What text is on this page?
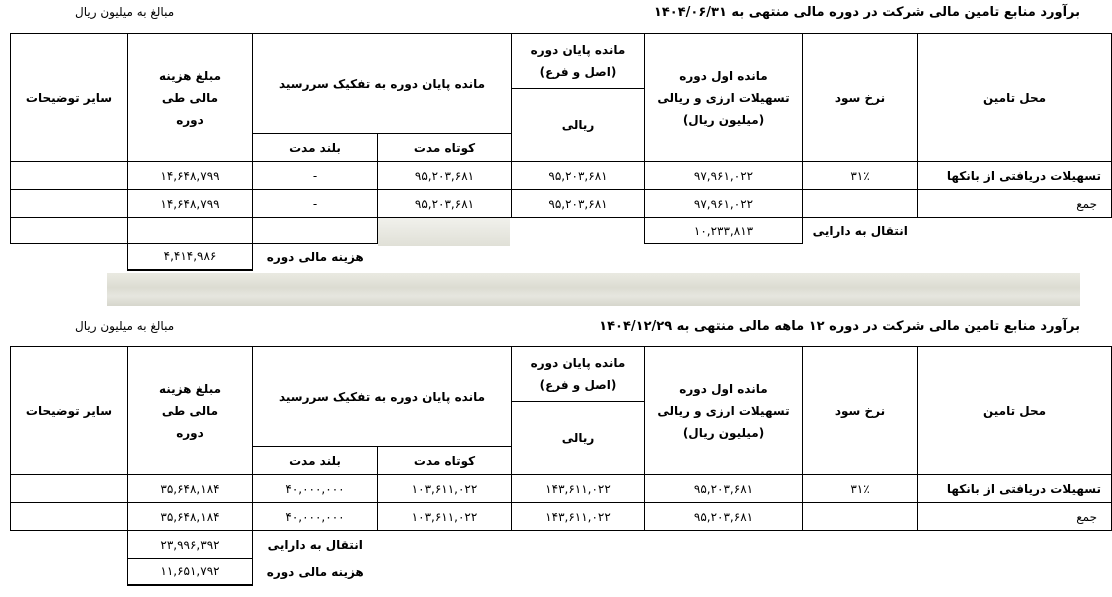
برآورد منابع تامین مالی شرکت در دوره مالی منتهی به ۱۴۰۴/۰۶/۳۱
مبالغ به میلیون ریال
محل تامین	نرخ سود	مانده اول دوره تسهیلات ارزی و ریالی (میلیون ریال)	مانده پایان دوره (اصل و فرع)	مانده پایان دوره به تفکیک سررسید		مبلغ هزینه مالی طی دوره	سایر توضیحات
			ریالی				
				کوتاه مدت	بلند مدت		
تسهیلات دریافتی از بانکها	۳۱٪	۹۷,۹۶۱,۰۲۲	۹۵,۲۰۳,۶۸۱	۹۵,۲۰۳,۶۸۱	-	۱۴,۶۴۸,۷۹۹	
جمع		۹۷,۹۶۱,۰۲۲	۹۵,۲۰۳,۶۸۱	۹۵,۲۰۳,۶۸۱	-	۱۴,۶۴۸,۷۹۹	
	انتقال به دارایی	۱۰,۲۳۳,۸۱۳					
					هزینه مالی دوره	۴,۴۱۴,۹۸۶	
برآورد منابع تامین مالی شرکت در دوره ۱۲ ماهه مالی منتهی به ۱۴۰۴/۱۲/۲۹
مبالغ به میلیون ریال
محل تامین	نرخ سود	مانده اول دوره تسهیلات ارزی و ریالی (میلیون ریال)	مانده پایان دوره (اصل و فرع)	مانده پایان دوره به تفکیک سررسید		مبلغ هزینه مالی طی دوره	سایر توضیحات
			ریالی				
				کوتاه مدت	بلند مدت		
تسهیلات دریافتی از بانکها	۳۱٪	۹۵,۲۰۳,۶۸۱	۱۴۳,۶۱۱,۰۲۲	۱۰۳,۶۱۱,۰۲۲	۴۰,۰۰۰,۰۰۰	۳۵,۶۴۸,۱۸۴	
جمع		۹۵,۲۰۳,۶۸۱	۱۴۳,۶۱۱,۰۲۲	۱۰۳,۶۱۱,۰۲۲	۴۰,۰۰۰,۰۰۰	۳۵,۶۴۸,۱۸۴	
					انتقال به دارایی	۲۳,۹۹۶,۳۹۲	
					هزینه مالی دوره	۱۱,۶۵۱,۷۹۲	
